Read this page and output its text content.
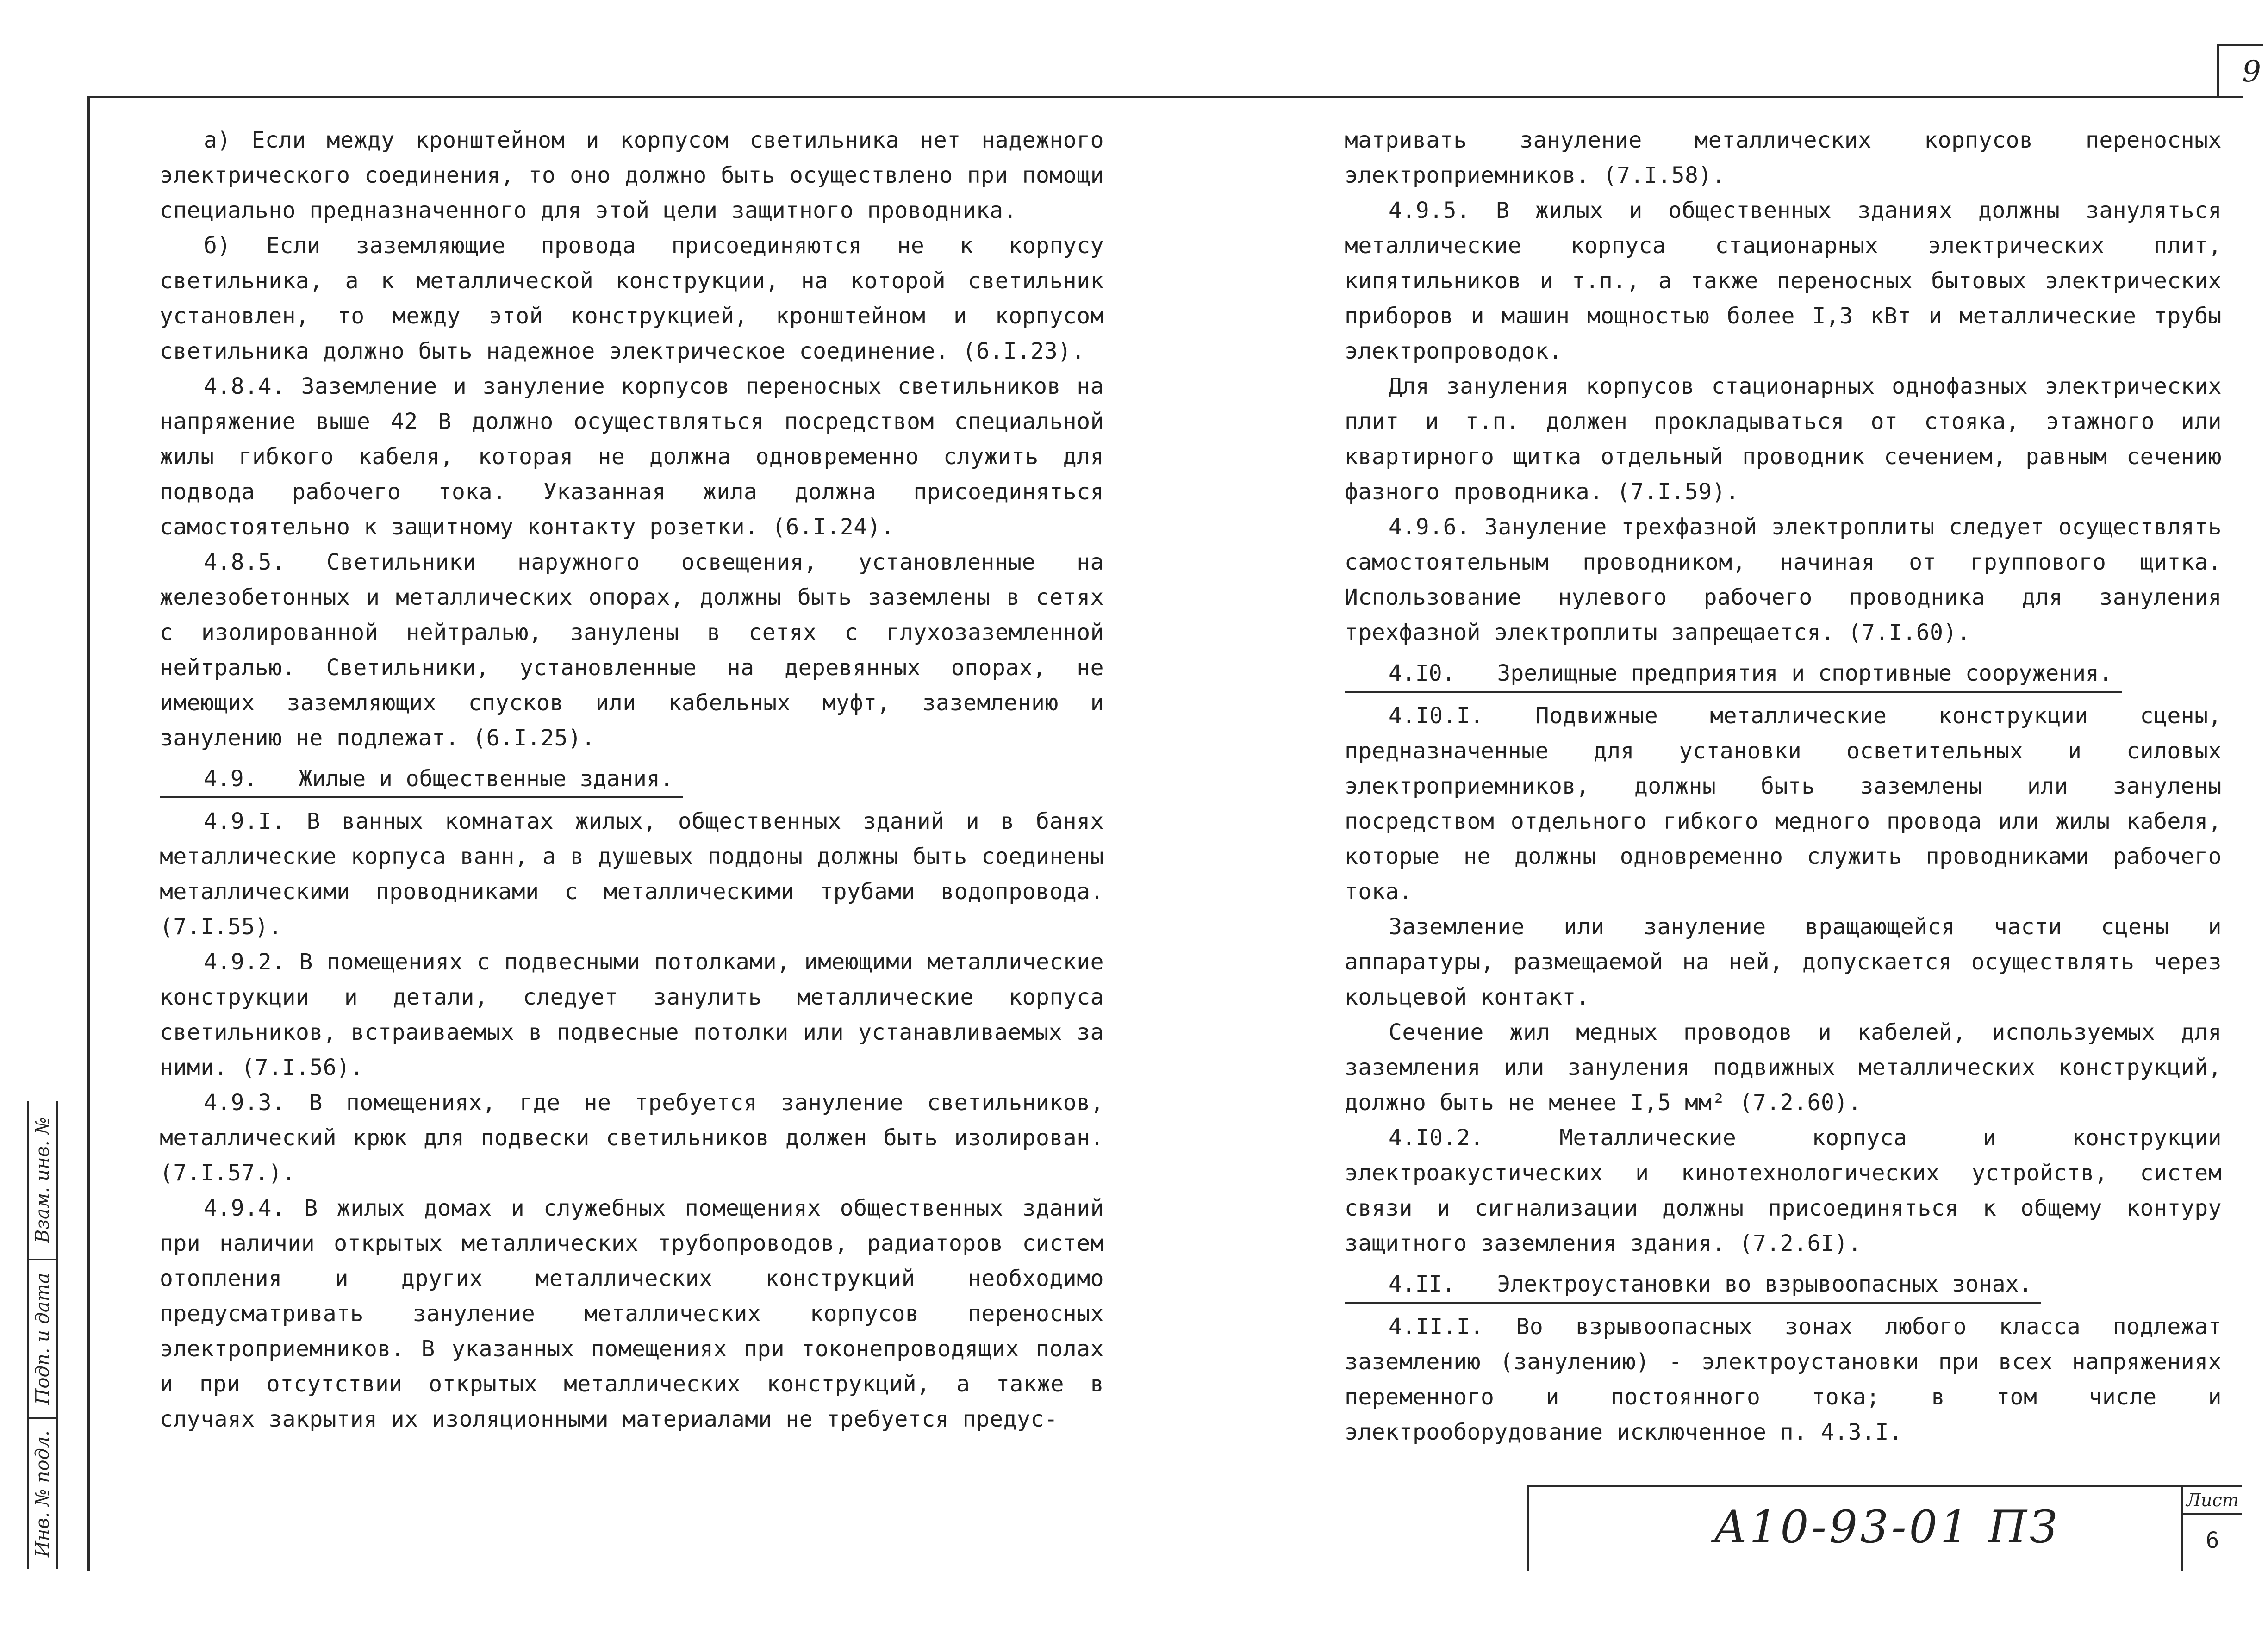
9

а) Если между кронштейном и корпусом светильника нет надежного электрического соединения, то оно должно быть осуществлено при помощи специально предназначенного для этой цели защитного проводника.

б) Если заземляющие провода присоединяются не к корпусу светильника, а к металлической конструкции, на которой светильник установлен, то между этой конструкцией, кронштейном и корпусом светильника должно быть надежное электрическое соединение. (6.I.23).

4.8.4. Заземление и зануление корпусов переносных светильников на напряжение выше 42 В должно осуществляться посредством специальной жилы гибкого кабеля, которая не должна одновременно служить для подвода рабочего тока. Указанная жила должна присоединяться самостоятельно к защитному контакту розетки. (6.I.24).

4.8.5. Светильники наружного освещения, установленные на железобетонных и металлических опорах, должны быть заземлены в сетях с изолированной нейтралью, занулены в сетях с глухозаземленной нейтралью. Светильники, установленные на деревянных опорах, не имеющих заземляющих спусков или кабельных муфт, заземлению и занулению не подлежат. (6.I.25).

4.9. Жилые и общественные здания.

4.9.I. В ванных комнатах жилых, общественных зданий и в банях металлические корпуса ванн, а в душевых поддоны должны быть соединены металлическими проводниками с металлическими трубами водопровода. (7.I.55).

4.9.2. В помещениях с подвесными потолками, имеющими металлические конструкции и детали, следует занулить металлические корпуса светильников, встраиваемых в подвесные потолки или устанавливаемых за ними. (7.I.56).

4.9.3. В помещениях, где не требуется зануление светильников, металлический крюк для подвески светильников должен быть изолирован. (7.I.57.).

4.9.4. В жилых домах и служебных помещениях общественных зданий при наличии открытых металлических трубопроводов, радиаторов систем отопления и других металлических конструкций необходимо предусматривать зануление металлических корпусов переносных электроприемников. В указанных помещениях при токонепроводящих полах и при отсутствии открытых металлических конструкций, а также в случаях закрытия их изоляционными материалами не требуется предус-

матривать зануление металлических корпусов переносных электроприемников. (7.I.58).

4.9.5. В жилых и общественных зданиях должны зануляться металлические корпуса стационарных электрических плит, кипятильников и т.п., а также переносных бытовых электрических приборов и машин мощностью более I,3 кВт и металлические трубы электропроводок.

Для зануления корпусов стационарных однофазных электрических плит и т.п. должен прокладываться от стояка, этажного или квартирного щитка отдельный проводник сечением, равным сечению фазного проводника. (7.I.59).

4.9.6. Зануление трехфазной электроплиты следует осуществлять самостоятельным проводником, начиная от группового щитка. Использование нулевого рабочего проводника для зануления трехфазной электроплиты запрещается. (7.I.60).

4.I0. Зрелищные предприятия и спортивные сооружения.

4.I0.I. Подвижные металлические конструкции сцены, предназначенные для установки осветительных и силовых электроприемников, должны быть заземлены или занулены посредством отдельного гибкого медного провода или жилы кабеля, которые не должны одновременно служить проводниками рабочего тока.

Заземление или зануление вращающейся части сцены и аппаратуры, размещаемой на ней, допускается осуществлять через кольцевой контакт.

Сечение жил медных проводов и кабелей, используемых для заземления или зануления подвижных металлических конструкций, должно быть не менее I,5 мм² (7.2.60).

4.I0.2. Металлические корпуса и конструкции электроакустических и кинотехнологических устройств, систем связи и сигнализации должны присоединяться к общему контуру защитного заземления здания. (7.2.6I).

4.II. Электроустановки во взрывоопасных зонах.

4.II.I. Во взрывоопасных зонах любого класса подлежат заземлению (занулению) - электроустановки при всех напряжениях переменного и постоянного тока; в том числе и электрооборудование исключенное п. 4.3.I.

Взам. инв. №
Подп. и дата
Инв. № подл.	A10-93-01 ПЗ
Лист
6
